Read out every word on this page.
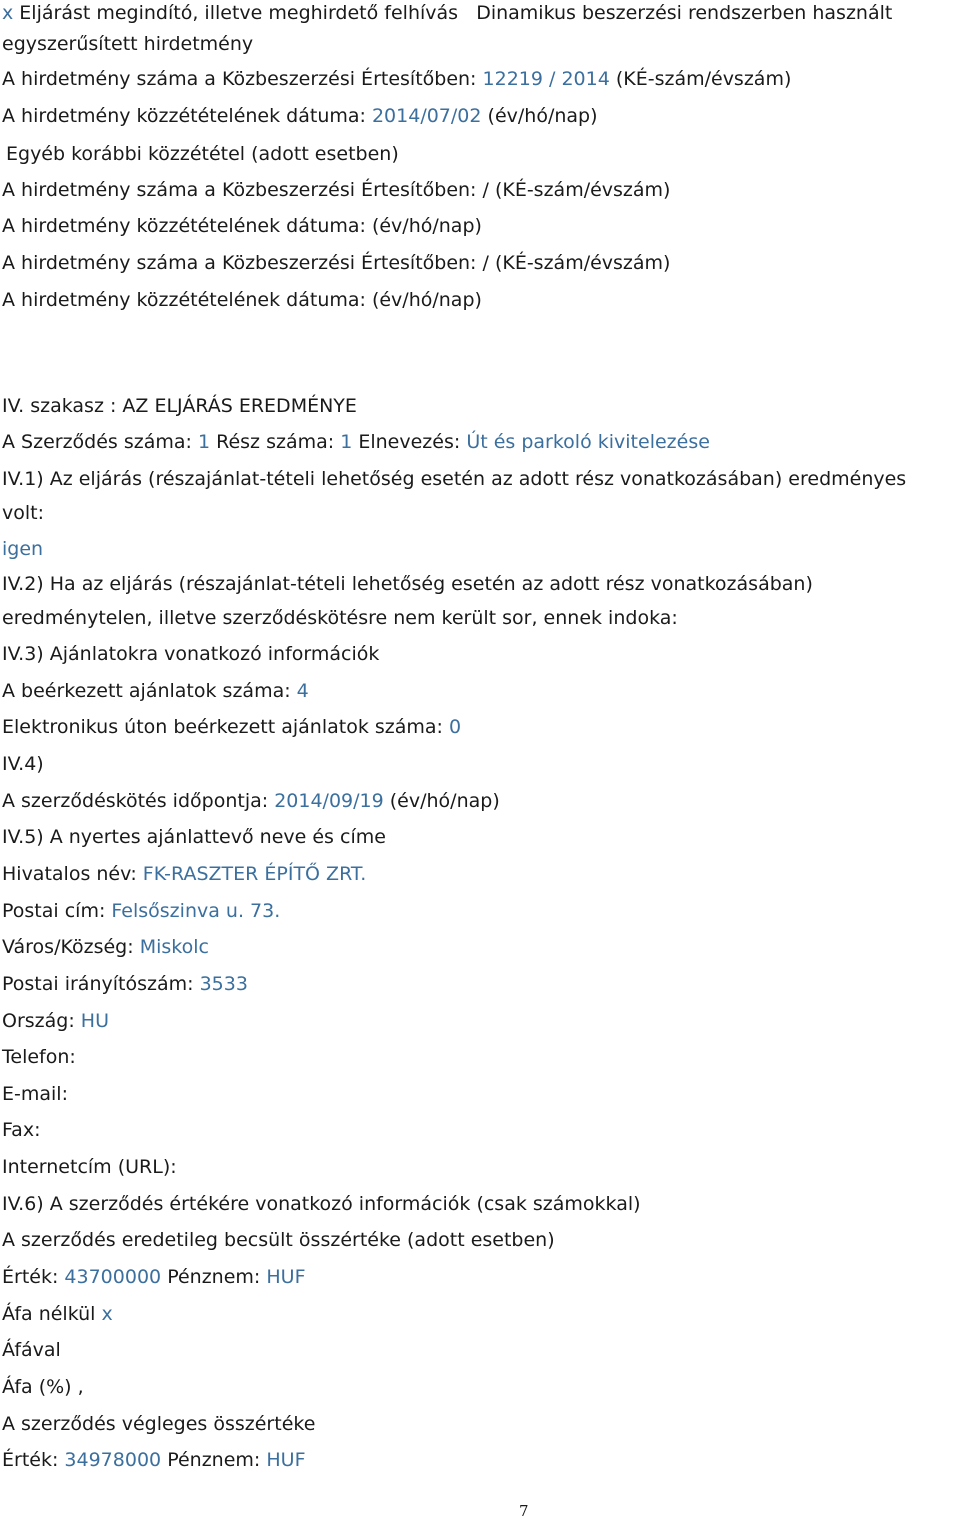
x Eljárást megindító, illetve meghirdető felhívás Dinamikus beszerzési rendszerben használt
egyszerűsített hirdetmény
A hirdetmény száma a Közbeszerzési Értesítőben: 12219 / 2014 (KÉ-szám/évszám)
A hirdetmény közzétételének dátuma: 2014/07/02 (év/hó/nap)
Egyéb korábbi közzététel (adott esetben)
A hirdetmény száma a Közbeszerzési Értesítőben: / (KÉ-szám/évszám)
A hirdetmény közzétételének dátuma: (év/hó/nap)
A hirdetmény száma a Közbeszerzési Értesítőben: / (KÉ-szám/évszám)
A hirdetmény közzétételének dátuma: (év/hó/nap)
IV. szakasz : AZ ELJÁRÁS EREDMÉNYE
A Szerződés száma: 1 Rész száma: 1 Elnevezés: Út és parkoló kivitelezése
IV.1) Az eljárás (részajánlat-tételi lehetőség esetén az adott rész vonatkozásában) eredményes
volt:
igen
IV.2) Ha az eljárás (részajánlat-tételi lehetőség esetén az adott rész vonatkozásában)
eredménytelen, illetve szerződéskötésre nem került sor, ennek indoka:
IV.3) Ajánlatokra vonatkozó információk
A beérkezett ajánlatok száma: 4
Elektronikus úton beérkezett ajánlatok száma: 0
IV.4)
A szerződéskötés időpontja: 2014/09/19 (év/hó/nap)
IV.5) A nyertes ajánlattevő neve és címe
Hivatalos név: FK-RASZTER ÉPÍTŐ ZRT.
Postai cím: Felsőszinva u. 73.
Város/Község: Miskolc
Postai irányítószám: 3533
Ország: HU
Telefon:
E-mail:
Fax:
Internetcím (URL):
IV.6) A szerződés értékére vonatkozó információk (csak számokkal)
A szerződés eredetileg becsült összértéke (adott esetben)
Érték: 43700000 Pénznem: HUF
Áfa nélkül x
Áfával
Áfa (%) ,
A szerződés végleges összértéke
Érték: 34978000 Pénznem: HUF
7
